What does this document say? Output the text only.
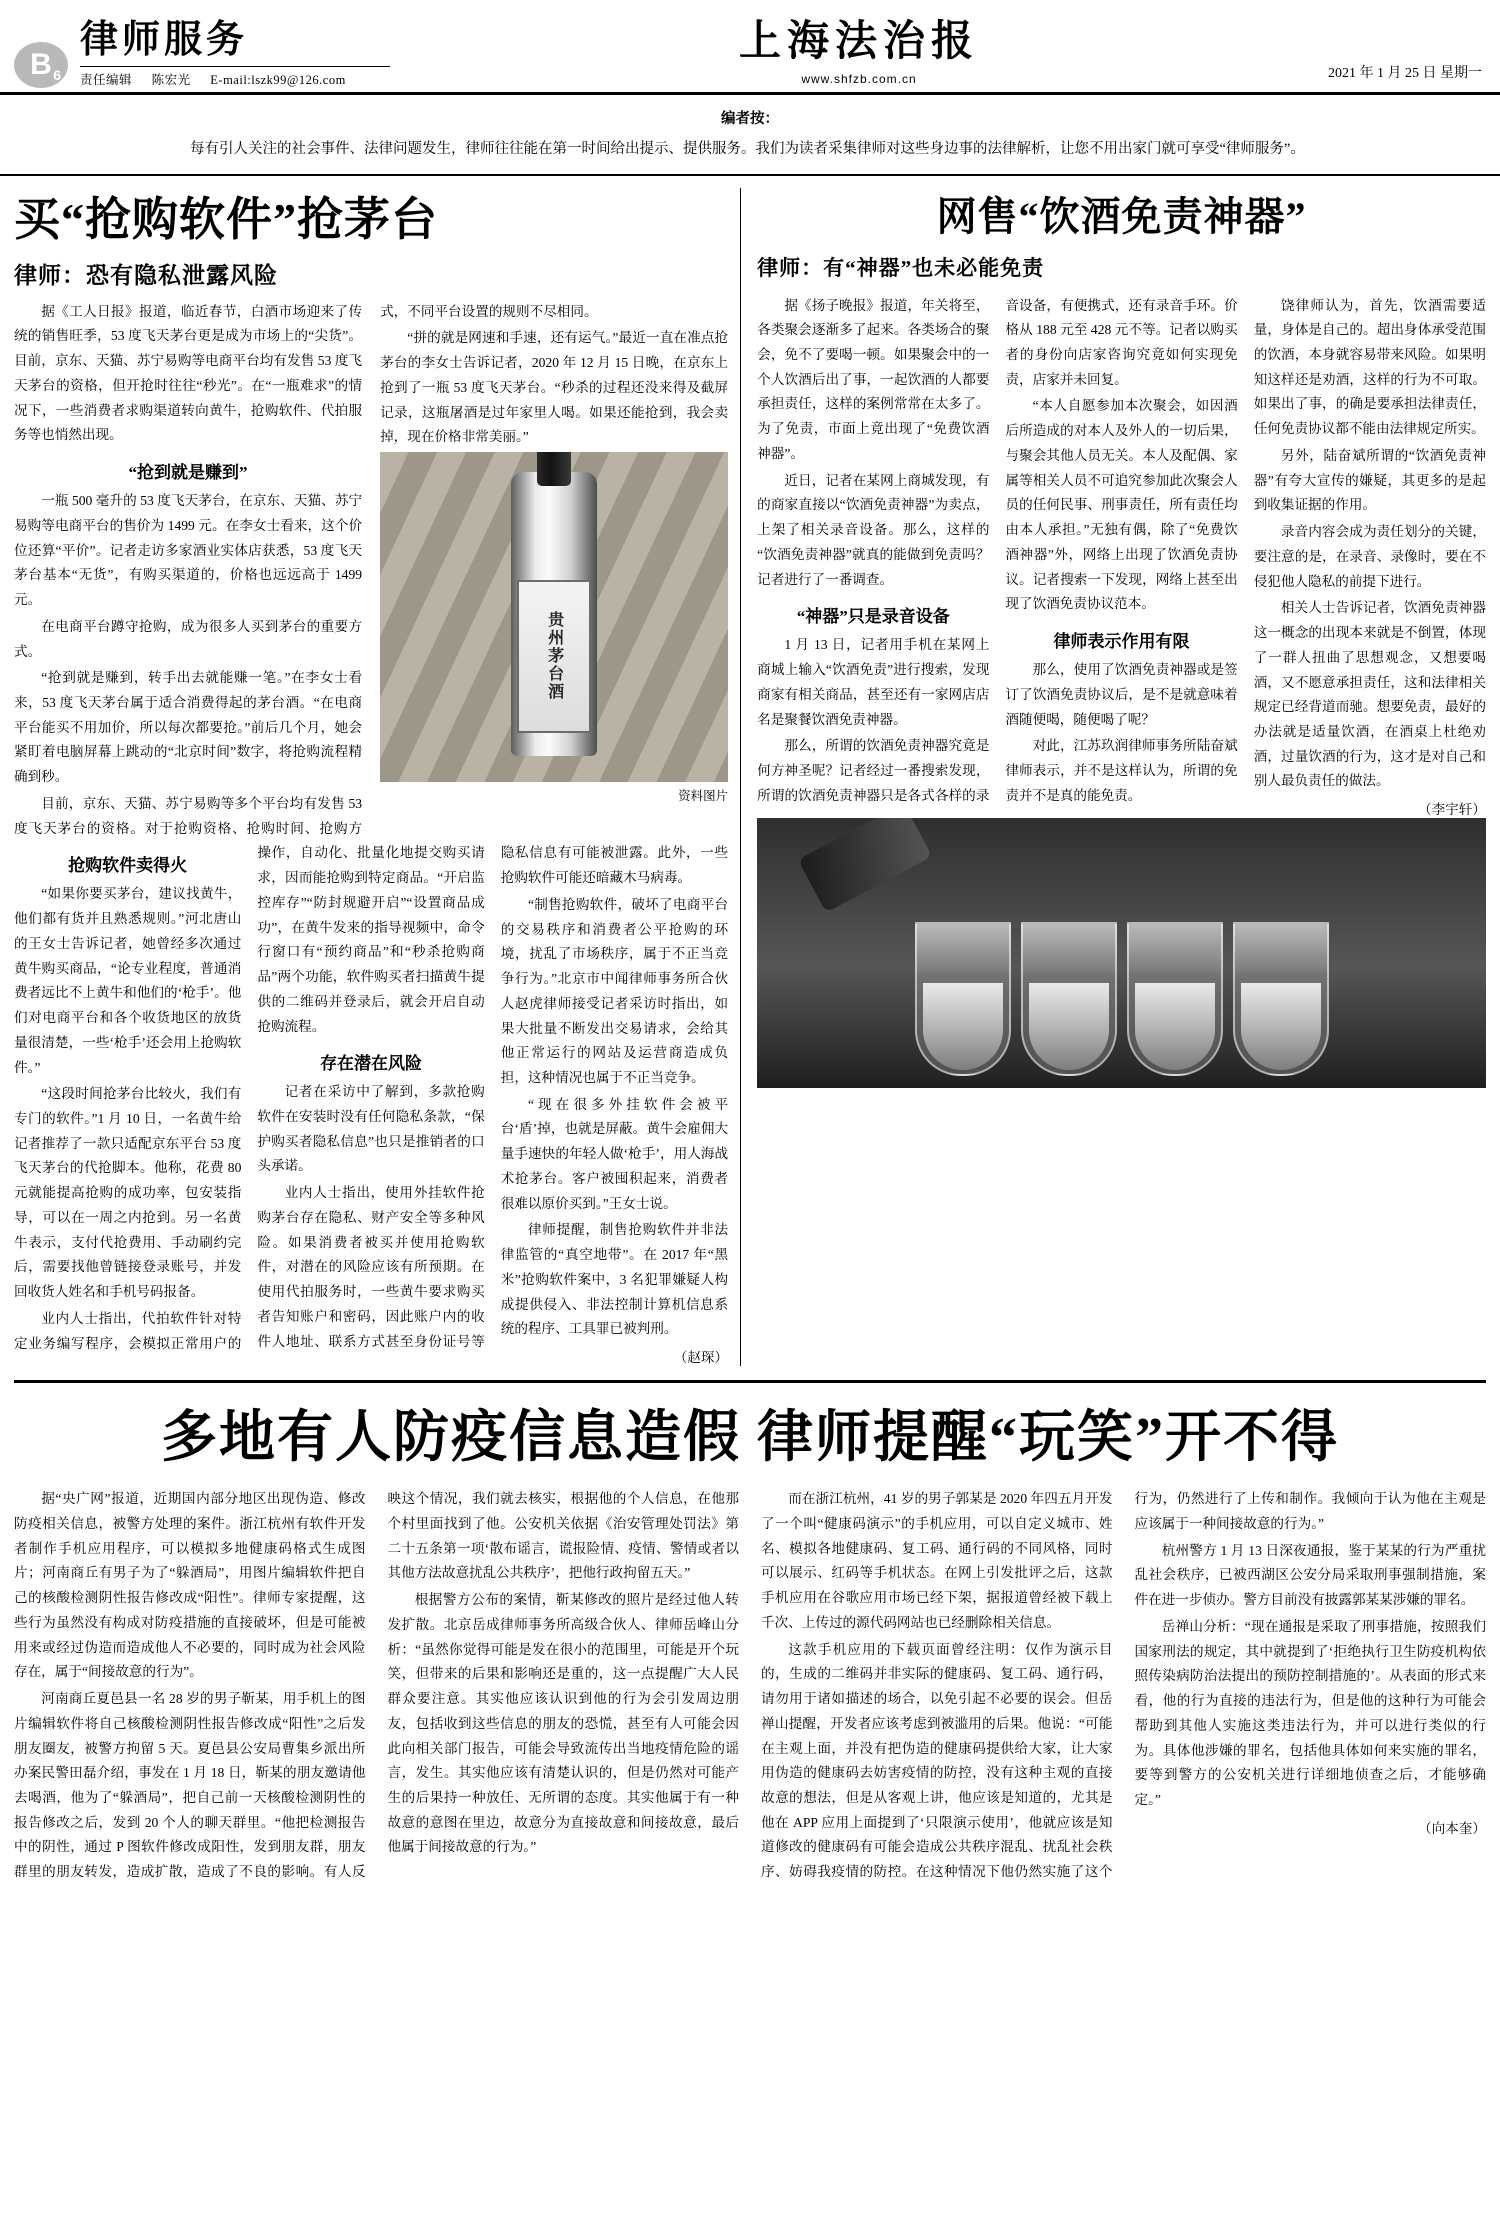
B 6
律师服务
责任编辑 陈宏光 E-mail:lszk99@126.com
上海法治报
www.shfzb.com.cn	2021 年 1 月 25 日 星期一
编者按：
每有引人关注的社会事件、法律问题发生，律师往往能在第一时间给出提示、提供服务。我们为读者采集律师对这些身边事的法律解析，让您不用出家门就可享受“律师服务”。
买“抢购软件”抢茅台
律师：恐有隐私泄露风险

据《工人日报》报道，临近春节，白酒市场迎来了传统的销售旺季，53 度飞天茅台更是成为市场上的“尖货”。目前，京东、天猫、苏宁易购等电商平台均有发售 53 度飞天茅台的资格，但开抢时往往“秒光”。在“一瓶难求”的情况下，一些消费者求购渠道转向黄牛，抢购软件、代拍服务等也悄然出现。

“抢到就是赚到”

一瓶 500 毫升的 53 度飞天茅台，在京东、天猫、苏宁易购等电商平台的售价为 1499 元。在李女士看来，这个价位还算“平价”。记者走访多家酒业实体店获悉，53 度飞天茅台基本“无货”，有购买渠道的，价格也远远高于 1499 元。

在电商平台蹲守抢购，成为很多人买到茅台的重要方式。

“抢到就是赚到，转手出去就能赚一笔。”在李女士看来，53 度飞天茅台属于适合消费得起的茅台酒。“在电商平台能买不用加价，所以每次都要抢。”前后几个月，她会紧盯着电脑屏幕上跳动的“北京时间”数字，将抢购流程精确到秒。

目前，京东、天猫、苏宁易购等多个平台均有发售 53 度飞天茅台的资格。对于抢购资格、抢购时间、抢购方式，不同平台设置的规则不尽相同。

“拼的就是网速和手速，还有运气。”最近一直在准点抢茅台的李女士告诉记者，2020 年 12 月 15 日晚，在京东上抢到了一瓶 53 度飞天茅台。“秒杀的过程还没来得及截屏记录，这瓶屠酒是过年家里人喝。如果还能抢到，我会卖掉，现在价格非常美丽。”

贵州茅台酒
资料图片
抢购软件卖得火

“如果你要买茅台，建议找黄牛，他们都有货并且熟悉规则。”河北唐山的王女士告诉记者，她曾经多次通过黄牛购买商品，“论专业程度，普通消费者远比不上黄牛和他们的‘枪手’。他们对电商平台和各个收货地区的放货量很清楚，一些‘枪手’还会用上抢购软件。”

“这段时间抢茅台比较火，我们有专门的软件。”1 月 10 日，一名黄牛给记者推荐了一款只适配京东平台 53 度飞天茅台的代抢脚本。他称，花费 80 元就能提高抢购的成功率，包安装指导，可以在一周之内抢到。另一名黄牛表示，支付代抢费用、手动刷约完后，需要找他曾链接登录账号，并发回收货人姓名和手机号码报备。

业内人士指出，代拍软件针对特定业务编写程序，会模拟正常用户的操作，自动化、批量化地提交购买请求，因而能抢购到特定商品。“开启监控库存”“防封规避开启”“设置商品成功”，在黄牛发来的指导视频中，命令行窗口有“预约商品”和“秒杀抢购商品”两个功能，软件购买者扫描黄牛提供的二维码并登录后，就会开启自动抢购流程。

存在潜在风险

记者在采访中了解到，多款抢购软件在安装时没有任何隐私条款，“保护购买者隐私信息”也只是推销者的口头承诺。

业内人士指出，使用外挂软件抢购茅台存在隐私、财产安全等多种风险。如果消费者被买并使用抢购软件，对潜在的风险应该有所预期。在使用代拍服务时，一些黄牛要求购买者告知账户和密码，因此账户内的收件人地址、联系方式甚至身份证号等隐私信息有可能被泄露。此外，一些抢购软件可能还暗藏木马病毒。

“制售抢购软件，破坏了电商平台的交易秩序和消费者公平抢购的环境，扰乱了市场秩序，属于不正当竞争行为。”北京市中闻律师事务所合伙人赵虎律师接受记者采访时指出，如果大批量不断发出交易请求，会给其他正常运行的网站及运营商造成负担，这种情况也属于不正当竞争。

“现在很多外挂软件会被平台‘盾’掉，也就是屏蔽。黄牛会雇佣大量手速快的年轻人做‘枪手’，用人海战术抢茅台。客户被囤积起来，消费者很难以原价买到。”王女士说。

律师提醒，制售抢购软件并非法律监管的“真空地带”。在 2017 年“黑米”抢购软件案中，3 名犯罪嫌疑人构成提供侵入、非法控制计算机信息系统的程序、工具罪已被判刑。

（赵琛）
网售“饮酒免责神器”
律师：有“神器”也未必能免责

据《扬子晚报》报道，年关将至，各类聚会逐渐多了起来。各类场合的聚会，免不了要喝一顿。如果聚会中的一个人饮酒后出了事，一起饮酒的人都要承担责任，这样的案例常常在太多了。为了免责，市面上竟出现了“免费饮酒神器”。

近日，记者在某网上商城发现，有的商家直接以“饮酒免责神器”为卖点，上架了相关录音设备。那么，这样的“饮酒免责神器”就真的能做到免责吗？记者进行了一番调查。

“神器”只是录音设备

1 月 13 日，记者用手机在某网上商城上输入“饮酒免责”进行搜索，发现商家有相关商品，甚至还有一家网店店名是聚餐饮酒免责神器。

那么，所谓的饮酒免责神器究竟是何方神圣呢？记者经过一番搜索发现，所谓的饮酒免责神器只是各式各样的录音设备，有便携式，还有录音手环。价格从 188 元至 428 元不等。记者以购买者的身份向店家咨询究竟如何实现免责，店家并未回复。

“本人自愿参加本次聚会，如因酒后所造成的对本人及外人的一切后果，与聚会其他人员无关。本人及配偶、家属等相关人员不可追究参加此次聚会人员的任何民事、刑事责任，所有责任均由本人承担。”无独有偶，除了“免费饮酒神器”外，网络上出现了饮酒免责协议。记者搜索一下发现，网络上甚至出现了饮酒免责协议范本。

律师表示作用有限

那么，使用了饮酒免责神器或是签订了饮酒免责协议后，是不是就意味着酒随便喝，随便喝了呢？

对此，江苏玖润律师事务所陆奋斌律师表示，并不是这样认为，所谓的免责并不是真的能免责。

饶律师认为，首先，饮酒需要适量，身体是自己的。超出身体承受范围的饮酒，本身就容易带来风险。如果明知这样还是劝酒，这样的行为不可取。如果出了事，的确是要承担法律责任，任何免责协议都不能由法律规定所实。

另外，陆奋斌所谓的“饮酒免责神器”有夸大宣传的嫌疑，其更多的是起到收集证据的作用。

录音内容会成为责任划分的关键，要注意的是，在录音、录像时，要在不侵犯他人隐私的前提下进行。

相关人士告诉记者，饮酒免责神器这一概念的出现本来就是不倒置，体现了一群人扭曲了思想观念，又想要喝酒，又不愿意承担责任，这和法律相关规定已经背道而驰。想要免责，最好的办法就是适量饮酒，在酒桌上杜绝劝酒，过量饮酒的行为，这才是对自己和别人最负责任的做法。

（李宇轩）
多地有人防疫信息造假 律师提醒“玩笑”开不得

据“央广网”报道，近期国内部分地区出现伪造、修改防疫相关信息，被警方处理的案件。浙江杭州有软件开发者制作手机应用程序，可以模拟多地健康码格式生成图片；河南商丘有男子为了“躲酒局”，用图片编辑软件把自己的核酸检测阴性报告修改成“阳性”。律师专家提醒，这些行为虽然没有构成对防疫措施的直接破坏，但是可能被用来或经过伪造而造成他人不必要的，同时成为社会风险存在，属于“间接故意的行为”。

河南商丘夏邑县一名 28 岁的男子靳某，用手机上的图片编辑软件将自己核酸检测阴性报告修改成“阳性”之后发朋友圈友，被警方拘留 5 天。夏邑县公安局曹集乡派出所办案民警田磊介绍，事发在 1 月 18 日，靳某的朋友邀请他去喝酒，他为了“躲酒局”，把自己前一天核酸检测阴性的报告修改之后，发到 20 个人的聊天群里。“他把检测报告中的阴性，通过 P 图软件修改成阳性，发到朋友群，朋友群里的朋友转发，造成扩散，造成了不良的影响。有人反映这个情况，我们就去核实，根据他的个人信息，在他那个村里面找到了他。公安机关依据《治安管理处罚法》第二十五条第一项‘散布谣言，谎报险情、疫情、警情或者以其他方法故意扰乱公共秩序’，把他行政拘留五天。”

根据警方公布的案情，靳某修改的照片是经过他人转发扩散。北京岳成律师事务所高级合伙人、律师岳峰山分析：“虽然你觉得可能是发在很小的范围里，可能是开个玩笑，但带来的后果和影响还是重的，这一点提醒广大人民群众要注意。其实他应该认识到他的行为会引发周边朋友，包括收到这些信息的朋友的恐慌，甚至有人可能会因此向相关部门报告，可能会导致流传出当地疫情危险的谣言，发生。其实他应该有清楚认识的，但是仍然对可能产生的后果持一种放任、无所谓的态度。其实他属于有一种故意的意图在里边，故意分为直接故意和间接故意，最后他属于间接故意的行为。”

而在浙江杭州，41 岁的男子郭某是 2020 年四五月开发了一个叫“健康码演示”的手机应用，可以自定义城市、姓名、模拟各地健康码、复工码、通行码的不同风格，同时可以展示、红码等手机状态。在网上引发批评之后，这款手机应用在谷歌应用市场已经下架，据报道曾经被下载上千次、上传过的源代码网站也已经删除相关信息。

这款手机应用的下载页面曾经注明：仅作为演示目的，生成的二维码并非实际的健康码、复工码、通行码，请勿用于诸如描述的场合，以免引起不必要的误会。但岳禅山提醒，开发者应该考虑到被滥用的后果。他说：“可能在主观上面，并没有把伪造的健康码提供给大家，让大家用伪造的健康码去妨害疫情的防控，没有这种主观的直接故意的想法，但是从客观上讲，他应该是知道的，尤其是他在 APP 应用上面提到了‘只限演示使用’，他就应该是知道修改的健康码有可能会造成公共秩序混乱、扰乱社会秩序、妨碍我疫情的防控。在这种情况下他仍然实施了这个行为，仍然进行了上传和制作。我倾向于认为他在主观是应该属于一种间接故意的行为。”

杭州警方 1 月 13 日深夜通报，鉴于某某的行为严重扰乱社会秩序，已被西湖区公安分局采取刑事强制措施，案件在进一步侦办。警方目前没有披露郭某某涉嫌的罪名。

岳禅山分析：“现在通报是采取了刑事措施，按照我们国家刑法的规定，其中就提到了‘拒绝执行卫生防疫机构依照传染病防治法提出的预防控制措施的’。从表面的形式来看，他的行为直接的违法行为，但是他的这种行为可能会帮助到其他人实施这类违法行为，并可以进行类似的行为。具体他涉嫌的罪名，包括他具体如何来实施的罪名，要等到警方的公安机关进行详细地侦查之后，才能够确定。”

（向本奎）
